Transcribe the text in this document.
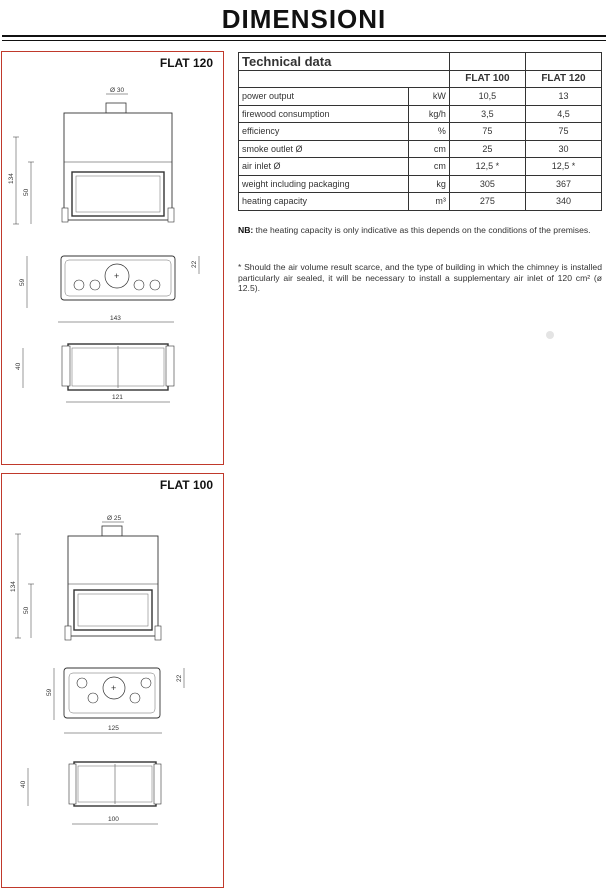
DIMENSIONI
FLAT 120
Ø 30
134
50
+
59
22
143
40
121
FLAT 100
Ø 25
134
50
+
59
22
125
40
100
Technical data			
		FLAT 100	FLAT 120
power output	kW	10,5	13
firewood consumption	kg/h	3,5	4,5
efficiency	%	75	75
smoke outlet Ø	cm	25	30
air inlet Ø	cm	12,5 *	12,5 *
weight including packaging	kg	305	367
heating capacity	m³	275	340
NB: the heating capacity is only indicative as this depends on the conditions of the premises.
* Should the air volume result scarce, and the type of building in which the chimney is installed particularly air sealed, it will be necessary to install a supplementary air inlet of 120 cm² (ø 12.5).
